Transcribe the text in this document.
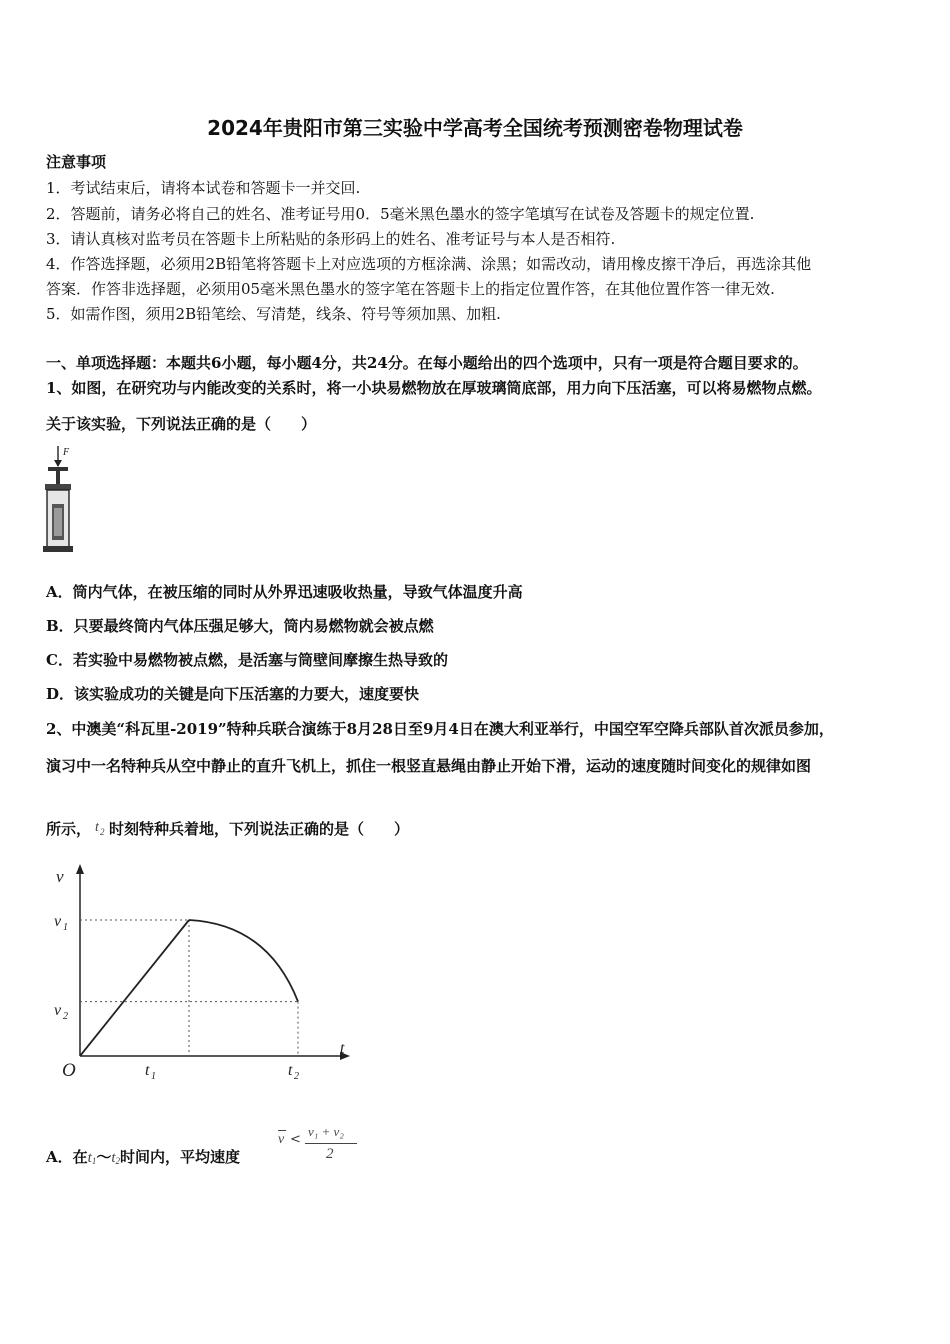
2024年贵阳市第三实验中学高考全国统考预测密卷物理试卷
注意事项
1．考试结束后，请将本试卷和答题卡一并交回.
2．答题前，请务必将自己的姓名、准考证号用0．5毫米黑色墨水的签字笔填写在试卷及答题卡的规定位置.
3．请认真核对监考员在答题卡上所粘贴的条形码上的姓名、准考证号与本人是否相符.
4．作答选择题，必须用2B铅笔将答题卡上对应选项的方框涂满、涂黑；如需改动，请用橡皮擦干净后，再选涂其他
答案．作答非选择题，必须用05毫米黑色墨水的签字笔在答题卡上的指定位置作答，在其他位置作答一律无效.
5．如需作图，须用2B铅笔绘、写清楚，线条、符号等须加黑、加粗.
一、单项选择题：本题共6小题，每小题4分，共24分。在每小题给出的四个选项中，只有一项是符合题目要求的。
1、如图，在研究功与内能改变的关系时，将一小块易燃物放在厚玻璃筒底部，用力向下压活塞，可以将易燃物点燃。
关于该实验，下列说法正确的是（　　）
F
A．筒内气体，在被压缩的同时从外界迅速吸收热量，导致气体温度升高
B．只要最终筒内气体压强足够大，筒内易燃物就会被点燃
C．若实验中易燃物被点燃，是活塞与筒壁间摩擦生热导致的
D．该实验成功的关键是向下压活塞的力要大，速度要快
2、中澳美“科瓦里-2019”特种兵联合演练于8月28日至9月4日在澳大利亚举行，中国空军空降兵部队首次派员参加，
演习中一名特种兵从空中静止的直升飞机上，抓住一根竖直悬绳由静止开始下滑，运动的速度随时间变化的规律如图
所示， t 2 时刻特种兵着地，下列说法正确的是（　　）
v
t
v 1
v 2
O	t 1	t 2
A．在t1～t2时间内，平均速度
v <
v₁ + v₂
2
